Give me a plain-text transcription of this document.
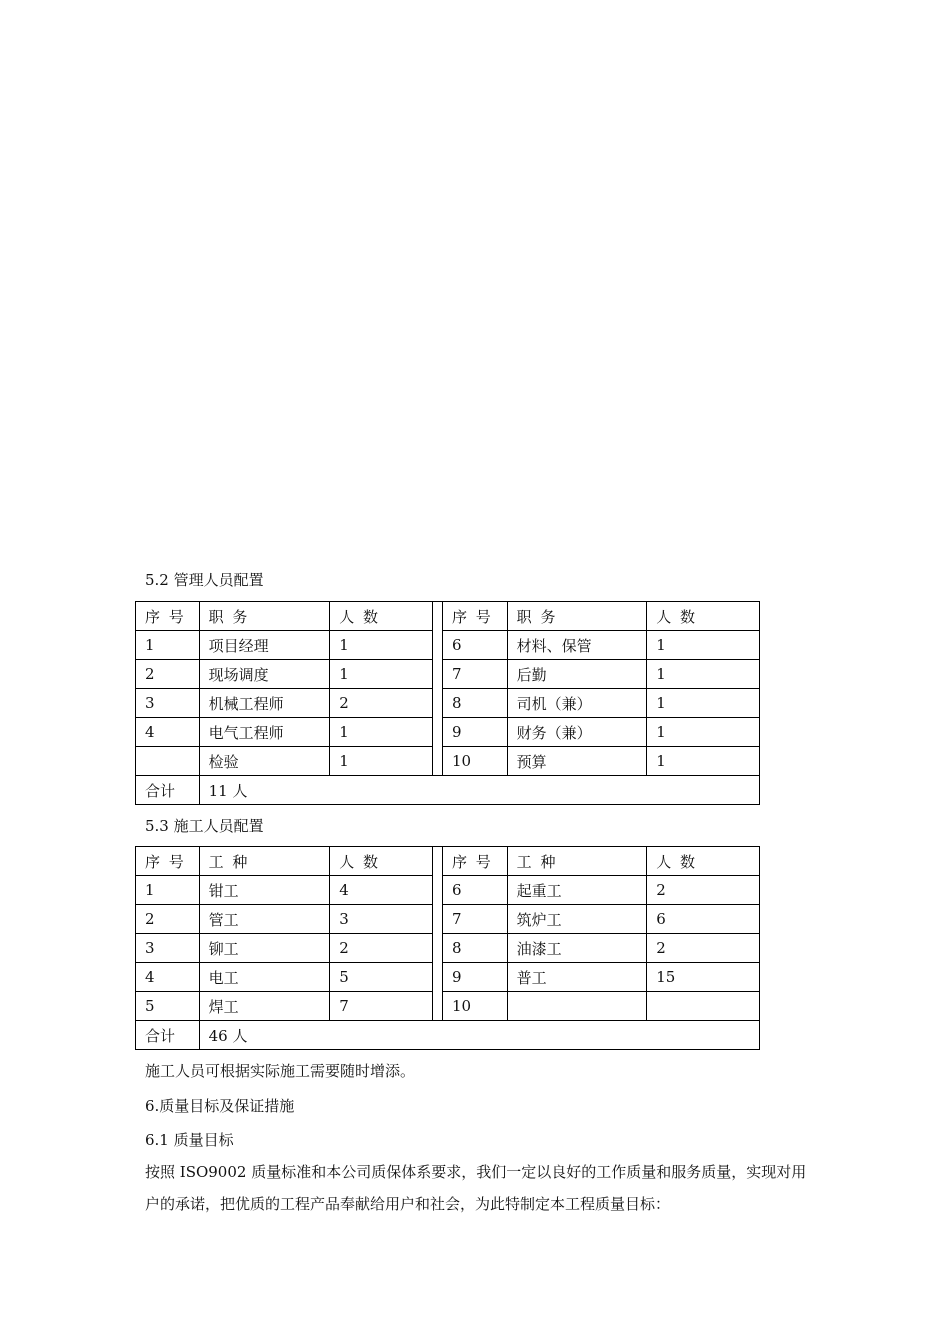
5.2 管理人员配置
序 号	职 务	人 数		序 号	职 务	人 数
1	项目经理	1		6	材料、保管	1
2	现场调度	1		7	后勤	1
3	机械工程师	2		8	司机（兼）	1
4	电气工程师	1		9	财务（兼）	1
	检验	1		10	预算	1
合计	11 人					
5.3 施工人员配置
序 号	工 种	人 数		序 号	工 种	人 数
1	钳工	4		6	起重工	2
2	管工	3		7	筑炉工	6
3	铆工	2		8	油漆工	2
4	电工	5		9	普工	15
5	焊工	7		10		
合计	46 人					
施工人员可根据实际施工需要随时增添。
6.质量目标及保证措施
6.1 质量目标
按照 ISO9002 质量标准和本公司质保体系要求，我们一定以良好的工作质量和服务质量，实现对用户的承诺，把优质的工程产品奉献给用户和社会，为此特制定本工程质量目标：
